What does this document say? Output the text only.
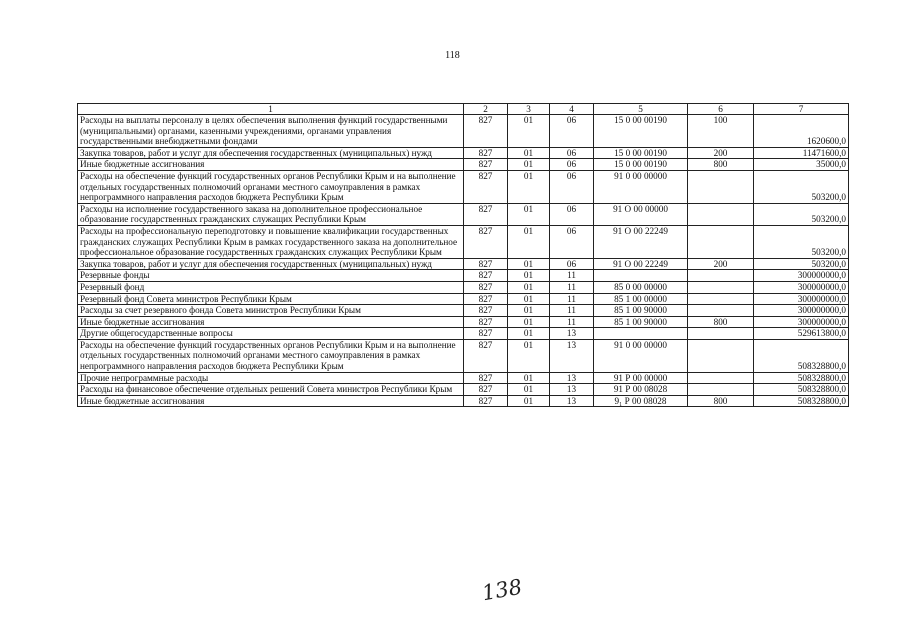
118
1	2	3	4	5	6	7
Расходы на выплаты персоналу в целях обеспечения выполнения функций государственными (муниципальными) органами, казенными учреждениями, органами управления государственными внебюджетными фондами	827	01	06	15 0 00 00190	100	1620600,0
Закупка товаров, работ и услуг для обеспечения государственных (муниципальных) нужд	827	01	06	15 0 00 00190	200	11471600,0
Иные бюджетные ассигнования	827	01	06	15 0 00 00190	800	35000,0
Расходы на обеспечение функций государственных органов Республики Крым и на выполнение отдельных государственных полномочий органами местного самоуправления в рамках непрограммного направления расходов бюджета Республики Крым	827	01	06	91 0 00 00000		503200,0
Расходы на исполнение государственного заказа на дополнительное профессиональное образование государственных гражданских служащих Республики Крым	827	01	06	91 О 00 00000		503200,0
Расходы на профессиональную переподготовку и повышение квалификации государственных гражданских служащих Республики Крым в рамках государственного заказа на дополнительное профессиональное образование государственных гражданских служащих Республики Крым	827	01	06	91 О 00 22249		503200,0
Закупка товаров, работ и услуг для обеспечения государственных (муниципальных) нужд	827	01	06	91 О 00 22249	200	503200,0
Резервные фонды	827	01	11			300000000,0
Резервный фонд	827	01	11	85 0 00 00000		300000000,0
Резервный фонд Совета министров Республики Крым	827	01	11	85 1 00 00000		300000000,0
Расходы за счет резервного фонда Совета министров Республики Крым	827	01	11	85 1 00 90000		300000000,0
Иные бюджетные ассигнования	827	01	11	85 1 00 90000	800	300000000,0
Другие общегосударственные вопросы	827	01	13			529613800,0
Расходы на обеспечение функций государственных органов Республики Крым и на выполнение отдельных государственных полномочий органами местного самоуправления в рамках непрограммного направления расходов бюджета Республики Крым	827	01	13	91 0 00 00000		508328800,0
Прочие непрограммные расходы	827	01	13	91 Р 00 00000		508328800,0
Расходы на финансовое обеспечение отдельных решений Совета министров Республики Крым	827	01	13	91 Р 00 08028		508328800,0
Иные бюджетные ассигнования	827	01	13	9₁ Р 00 08028	800	508328800,0
138
